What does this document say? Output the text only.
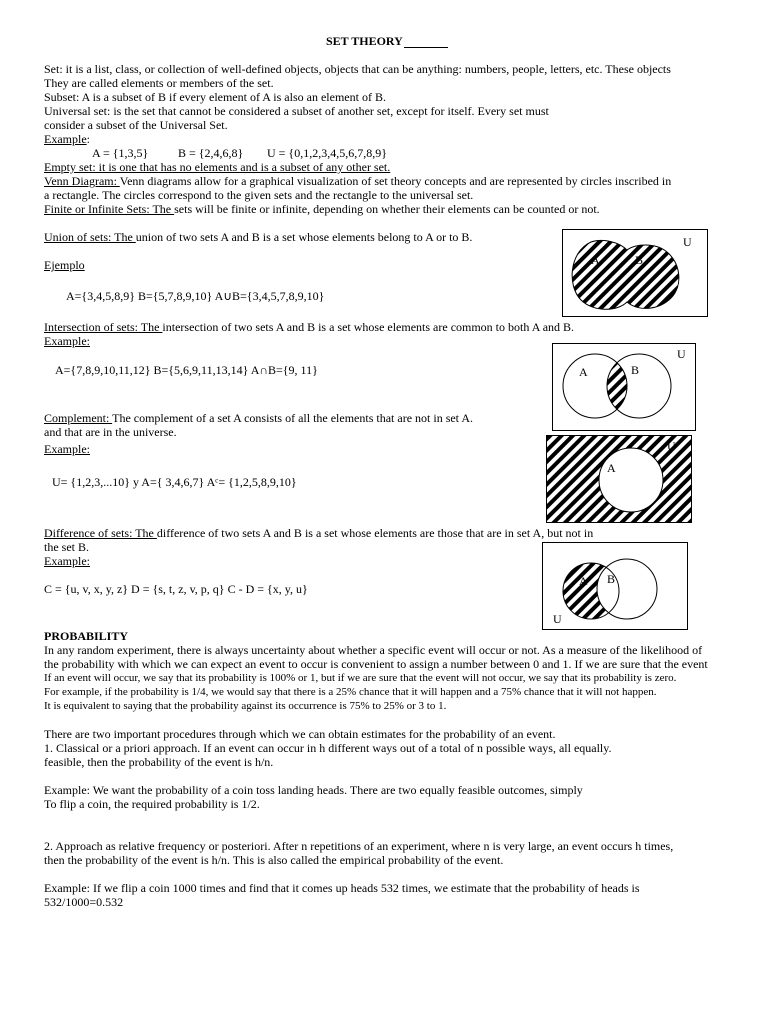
SET THEORY
Set: it is a list, class, or collection of well-defined objects, objects that can be anything: numbers, people, letters, etc. These objects
They are called elements or members of the set.
Subset: A is a subset of B if every element of A is also an element of B.
Universal set: is the set that cannot be considered a subset of another set, except for itself. Every set must
consider a subset of the Universal Set.
Example:
A = {1,3,5} B = {2,4,6,8} U = {0,1,2,3,4,5,6,7,8,9}
Empty set: it is one that has no elements and is a subset of any other set.
Venn Diagram: Venn diagrams allow for a graphical visualization of set theory concepts and are represented by circles inscribed in
a rectangle. The circles correspond to the given sets and the rectangle to the universal set.
Finite or Infinite Sets: The sets will be finite or infinite, depending on whether their elements can be counted or not.
Union of sets: The union of two sets A and B is a set whose elements belong to A or to B.
Ejemplo
A={3,4,5,8,9} B={5,7,8,9,10} A∪B={3,4,5,7,8,9,10}
U
A	B
Intersection of sets: The intersection of two sets A and B is a set whose elements are common to both A and B.
Example:
A={7,8,9,10,11,12} B={5,6,9,11,13,14} A∩B={9, 11}
U
A	B
Complement: The complement of a set A consists of all the elements that are not in set A.
and that are in the universe.
Example:
U= {1,2,3,...10} y A={ 3,4,6,7} Aᶜ= {1,2,5,8,9,10}
U
A
Difference of sets: The difference of two sets A and B is a set whose elements are those that are in set A, but not in
the set B.
Example:
C = {u, v, x, y, z} D = {s, t, z, v, p, q} C - D = {x, y, u}
U
A B
PROBABILITY
In any random experiment, there is always uncertainty about whether a specific event will occur or not. As a measure of the likelihood of
the probability with which we can expect an event to occur is convenient to assign a number between 0 and 1. If we are sure that the event
If an event will occur, we say that its probability is 100% or 1, but if we are sure that the event will not occur, we say that its probability is zero.
For example, if the probability is 1/4, we would say that there is a 25% chance that it will happen and a 75% chance that it will not happen.
It is equivalent to saying that the probability against its occurrence is 75% to 25% or 3 to 1.
There are two important procedures through which we can obtain estimates for the probability of an event.
1. Classical or a priori approach. If an event can occur in h different ways out of a total of n possible ways, all equally.
feasible, then the probability of the event is h/n.
Example: We want the probability of a coin toss landing heads. There are two equally feasible outcomes, simply
To flip a coin, the required probability is 1/2.
2. Approach as relative frequency or posteriori. After n repetitions of an experiment, where n is very large, an event occurs h times,
then the probability of the event is h/n. This is also called the empirical probability of the event.
Example: If we flip a coin 1000 times and find that it comes up heads 532 times, we estimate that the probability of heads is
532/1000=0.532
